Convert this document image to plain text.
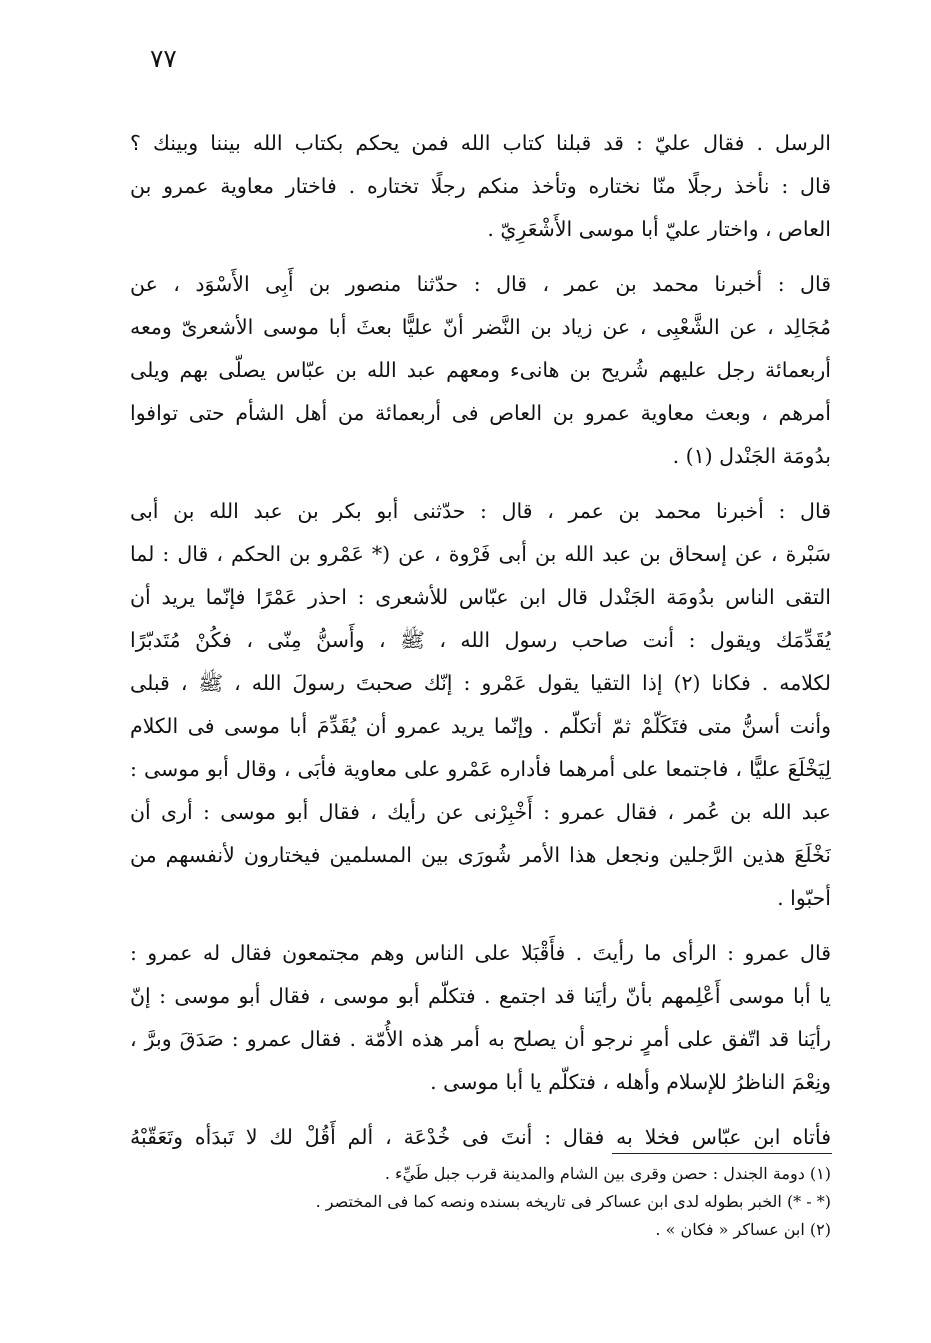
٧٧
الرسل . فقال عليّ : قد قبلنا كتاب الله فمن يحكم بكتاب الله بيننا وبينك ؟
قال : نأخذ رجلًا منّا نختاره وتأخذ منكم رجلًا تختاره . فاختار معاوية عمرو بن
العاص ، واختار عليّ أبا موسى الأَشْعَرِيّ .
قال : أخبرنا محمد بن عمر ، قال : حدّثنا منصور بن أَبِى الأَسْوَد ، عن
مُجَالِد ، عن الشَّعْبِى ، عن زياد بن النَّضر أنّ عليًّا بعثَ أبا موسى الأشعرىّ ومعه
أربعمائة رجل عليهم شُريح بن هانىء ومعهم عبد الله بن عبّاس يصلّى بهم ويلى
أمرهم ، وبعث معاوية عمرو بن العاص فى أربعمائة من أهل الشأم حتى توافوا
بدُومَة الجَنْدل (١) .
قال : أخبرنا محمد بن عمر ، قال : حدّثنى أبو بكر بن عبد الله بن أبى
سَبْرة ، عن إسحاق بن عبد الله بن أبى فَرْوة ، عن (* عَمْرو بن الحكم ، قال : لما
التقى الناس بدُومَة الجَنْدل قال ابن عبّاس للأشعرى : احذر عَمْرًا فإنّما يريد أن
يُقَدِّمَك ويقول : أنت صاحب رسول الله ، ﷺ ، وأَسنُّ مِنّى ، فكُنْ مُتَدبّرًا
لكلامه . فكانا (٢) إذا التقيا يقول عَمْرو : إنّك صحبتَ رسولَ الله ، ﷺ ، قبلى
وأنت أسنُّ متى فتَكَلّمْ ثمّ أتكلّم . وإنّما يريد عمرو أن يُقَدِّمَ أبا موسى فى الكلام
لِيَخْلَعَ عليًّا ، فاجتمعا على أمرهما فأداره عَمْرو على معاوية فأبَى ، وقال أبو موسى :
عبد الله بن عُمر ، فقال عمرو : أَخْبِرْنى عن رأيك ، فقال أبو موسى : أرى أن
نَخْلَعَ هذين الرَّجلين ونجعل هذا الأمر شُورَى بين المسلمين فيختارون لأنفسهم من
أحبّوا .
قال عمرو : الرأى ما رأيتَ . فأَقْبَلا على الناس وهم مجتمعون فقال له عمرو :
يا أبا موسى أَعْلِمهم بأنّ رأيَنا قد اجتمع . فتكلّم أبو موسى ، فقال أبو موسى : إنّ
رأيَنا قد اتّفق على أمرٍ نرجو أن يصلح به أمر هذه الأُمّة . فقال عمرو : صَدَقَ وبرَّ ،
ونِعْمَ الناظرُ للإسلام وأهله ، فتكلّم يا أبا موسى .
فأتاه ابن عبّاس فخلا به فقال : أنتَ فى خُدْعَة ، ألم أَقُلْ لك لا تَبدَأه وتَعَقّبْهُ
(١) دومة الجندل : حصن وقرى بين الشام والمدينة قرب جبل طَيِّء .
(* - *) الخبر بطوله لدى ابن عساكر فى تاريخه بسنده ونصه كما فى المختصر .
(٢) ابن عساكر « فكان » .
